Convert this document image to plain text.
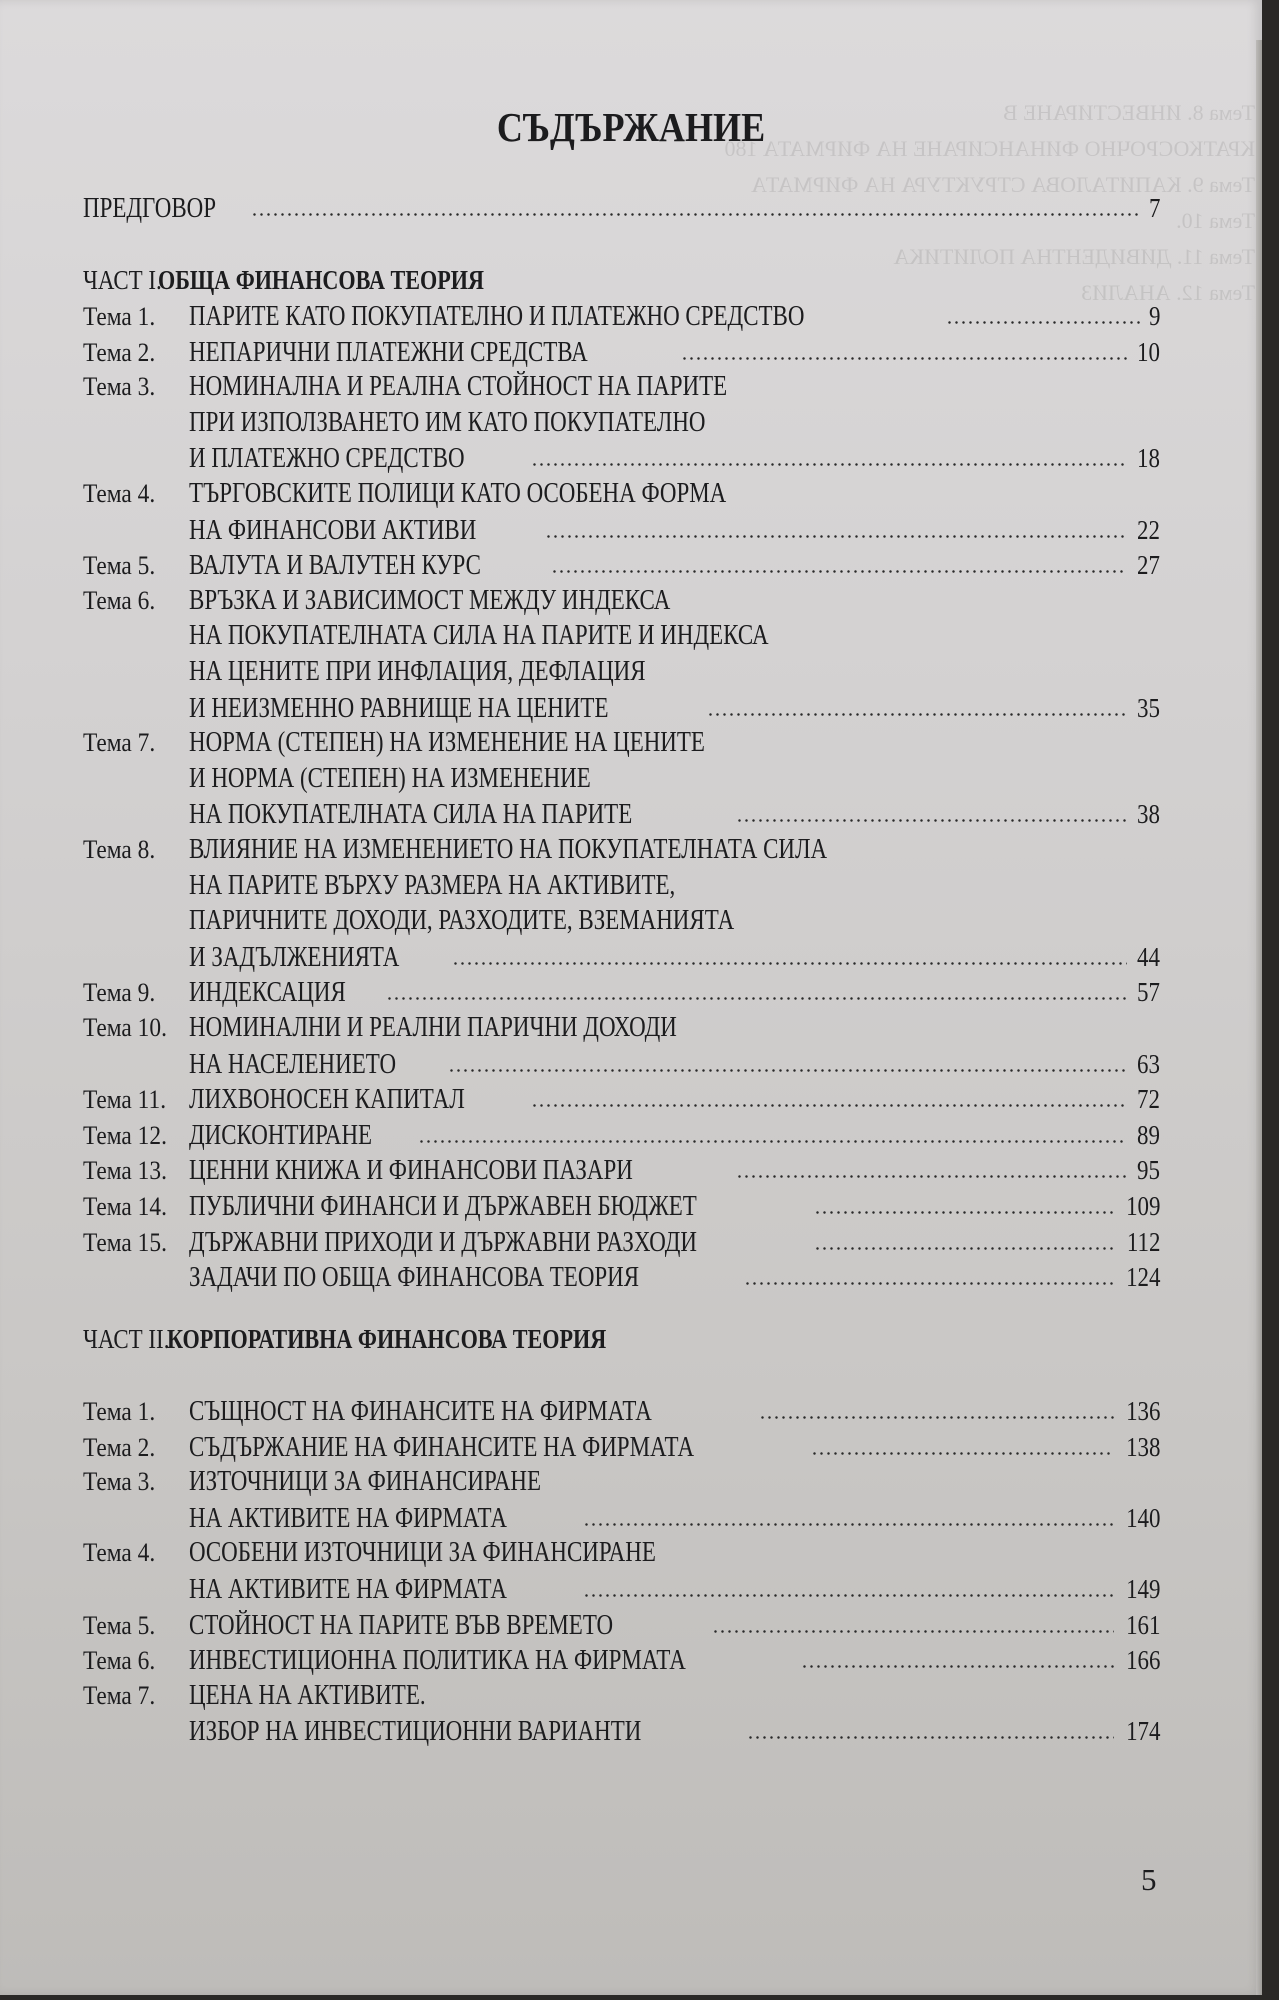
Тема 8. ИНВЕСТИРАНЕ В
КРАТКОСРОЧНО ФИНАНСИРАНЕ НА ФИРМАТА 180
Тема 9. КАПИТАЛОВА СТРУКТУРА НА ФИРМАТА
Тема 10.
Тема 11. ДИВИДЕНТНА ПОЛИТИКА
Тема 12. АНАЛИЗ
СЪДЪРЖАНИЕ
ПРЕДГОВОР	7
ЧАСТ I.
ОБЩА ФИНАНСОВА ТЕОРИЯ
Тема 1.	ПАРИТЕ КАТО ПОКУПАТЕЛНО И ПЛАТЕЖНО СРЕДСТВО	9
Тема 2.	НЕПАРИЧНИ ПЛАТЕЖНИ СРЕДСТВА	10
Тема 3.	НОМИНАЛНА И РЕАЛНА СТОЙНОСТ НА ПАРИТЕ
ПРИ ИЗПОЛЗВАНЕТО ИМ КАТО ПОКУПАТЕЛНО
И ПЛАТЕЖНО СРЕДСТВО	18
Тема 4.	ТЪРГОВСКИТЕ ПОЛИЦИ КАТО ОСОБЕНА ФОРМА
НА ФИНАНСОВИ АКТИВИ	22
Тема 5.	ВАЛУТА И ВАЛУТЕН КУРС	27
Тема 6.	ВРЪЗКА И ЗАВИСИМОСТ МЕЖДУ ИНДЕКСА
НА ПОКУПАТЕЛНАТА СИЛА НА ПАРИТЕ И ИНДЕКСА
НА ЦЕНИТЕ ПРИ ИНФЛАЦИЯ, ДЕФЛАЦИЯ
И НЕИЗМЕННО РАВНИЩЕ НА ЦЕНИТЕ	35
Тема 7.	НОРМА (СТЕПЕН) НА ИЗМЕНЕНИЕ НА ЦЕНИТЕ
И НОРМА (СТЕПЕН) НА ИЗМЕНЕНИЕ
НА ПОКУПАТЕЛНАТА СИЛА НА ПАРИТЕ	38
Тема 8.	ВЛИЯНИЕ НА ИЗМЕНЕНИЕТО НА ПОКУПАТЕЛНАТА СИЛА
НА ПАРИТЕ ВЪРХУ РАЗМЕРА НА АКТИВИТЕ,
ПАРИЧНИТЕ ДОХОДИ, РАЗХОДИТЕ, ВЗЕМАНИЯТА
И ЗАДЪЛЖЕНИЯТА	44
Тема 9.	ИНДЕКСАЦИЯ	57
Тема 10. НОМИНАЛНИ И РЕАЛНИ ПАРИЧНИ ДОХОДИ
НА НАСЕЛЕНИЕТО	63
Тема 11. ЛИХВОНОСЕН КАПИТАЛ	72
Тема 12. ДИСКОНТИРАНЕ	89
Тема 13. ЦЕННИ КНИЖА И ФИНАНСОВИ ПАЗАРИ	95
Тема 14. ПУБЛИЧНИ ФИНАНСИ И ДЪРЖАВЕН БЮДЖЕТ	109
Тема 15. ДЪРЖАВНИ ПРИХОДИ И ДЪРЖАВНИ РАЗХОДИ	112
ЗАДАЧИ ПО ОБЩА ФИНАНСОВА ТЕОРИЯ	124
ЧАСТ II.
КОРПОРАТИВНА ФИНАНСОВА ТЕОРИЯ
Тема 1.	СЪЩНОСТ НА ФИНАНСИТЕ НА ФИРМАТА	136
Тема 2.	СЪДЪРЖАНИЕ НА ФИНАНСИТЕ НА ФИРМАТА	138
Тема 3.	ИЗТОЧНИЦИ ЗА ФИНАНСИРАНЕ
НА АКТИВИТЕ НА ФИРМАТА	140
Тема 4.	ОСОБЕНИ ИЗТОЧНИЦИ ЗА ФИНАНСИРАНЕ
НА АКТИВИТЕ НА ФИРМАТА	149
Тема 5.	СТОЙНОСТ НА ПАРИТЕ ВЪВ ВРЕМЕТО	161
Тема 6.	ИНВЕСТИЦИОННА ПОЛИТИКА НА ФИРМАТА	166
Тема 7.	ЦЕНА НА АКТИВИТЕ.
ИЗБОР НА ИНВЕСТИЦИОННИ ВАРИАНТИ	174
5
